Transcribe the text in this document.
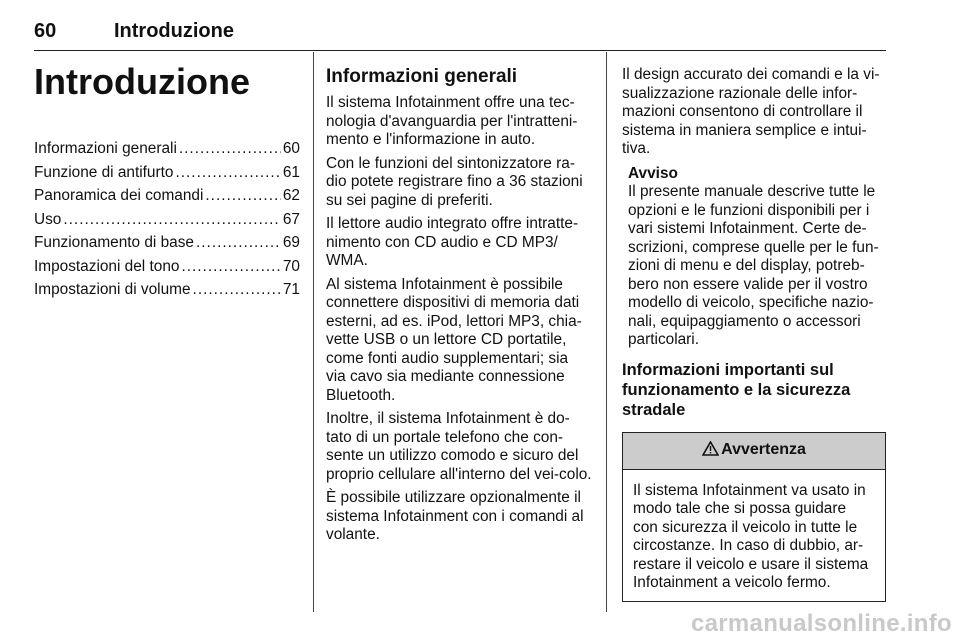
60	Introduzione
Introduzione
Informazioni generali .....	60
Funzione di antifurto .....	61
Panoramica dei comandi .....	62
Uso .....	67
Funzionamento di base .....	69
Impostazioni del tono .....	70
Impostazioni di volume .....	71
Informazioni generali

Il sistema Infotainment offre una tec-nologia d'avanguardia per l'intratteni-mento e l'informazione in auto.

Con le funzioni del sintonizzatore ra-dio potete registrare fino a 36 stazioni su sei pagine di preferiti.

Il lettore audio integrato offre intratte-nimento con CD audio e CD MP3/ WMA.

Al sistema Infotainment è possibile connettere dispositivi di memoria dati esterni, ad es. iPod, lettori MP3, chia-vette USB o un lettore CD portatile, come fonti audio supplementari; sia via cavo sia mediante connessione Bluetooth.

Inoltre, il sistema Infotainment è do-tato di un portale telefono che con-sente un utilizzo comodo e sicuro del proprio cellulare all'interno del vei-colo.

È possibile utilizzare opzionalmente il sistema Infotainment con i comandi al volante.

Il design accurato dei comandi e la vi-sualizzazione razionale delle infor-mazioni consentono di controllare il sistema in maniera semplice e intui-tiva.

Avviso
Il presente manuale descrive tutte le opzioni e le funzioni disponibili per i vari sistemi Infotainment. Certe de-scrizioni, comprese quelle per le fun-zioni di menu e del display, potreb-bero non essere valide per il vostro modello di veicolo, specifiche nazio-nali, equipaggiamento o accessori particolari.
Informazioni importanti sul funzionamento e la sicurezza stradale
Avvertenza
Il sistema Infotainment va usato in modo tale che si possa guidare con sicurezza il veicolo in tutte le circostanze. In caso di dubbio, ar-restare il veicolo e usare il sistema Infotainment a veicolo fermo.
carmanualsonline.info
